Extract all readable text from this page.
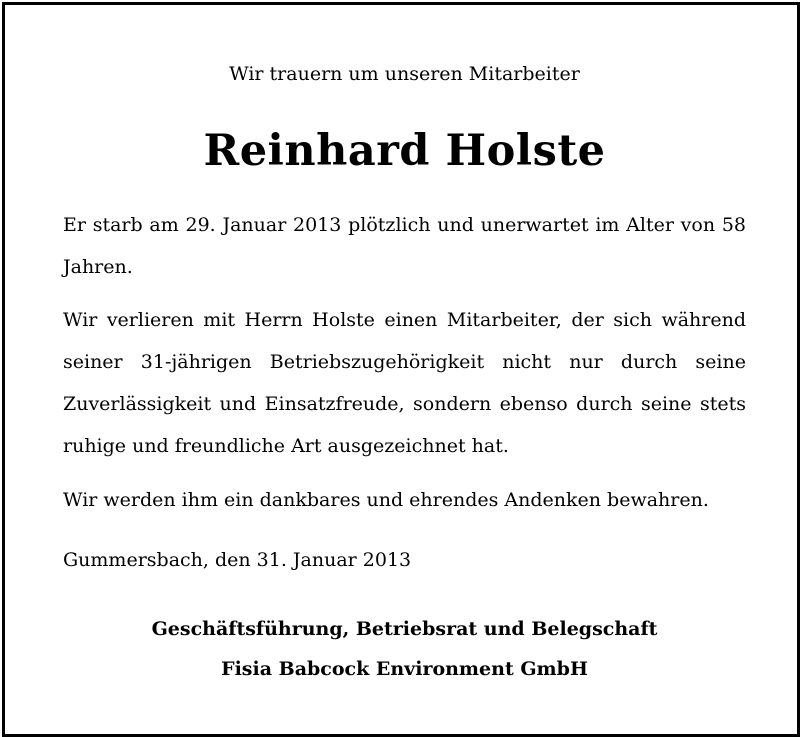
Wir trauern um unseren Mitarbeiter

Reinhard Holste

Er starb am 29. Januar 2013 plötzlich und unerwartet im Alter von 58 Jahren.

Wir verlieren mit Herrn Holste einen Mitarbeiter, der sich während seiner 31-jährigen Betriebszugehörigkeit nicht nur durch seine Zuverlässigkeit und Einsatzfreude, sondern ebenso durch seine stets ruhige und freundliche Art ausgezeichnet hat.

Wir werden ihm ein dankbares und ehrendes Andenken bewahren.

Gummersbach, den 31. Januar 2013

Geschäftsführung, Betriebsrat und Belegschaft

Fisia Babcock Environment GmbH
